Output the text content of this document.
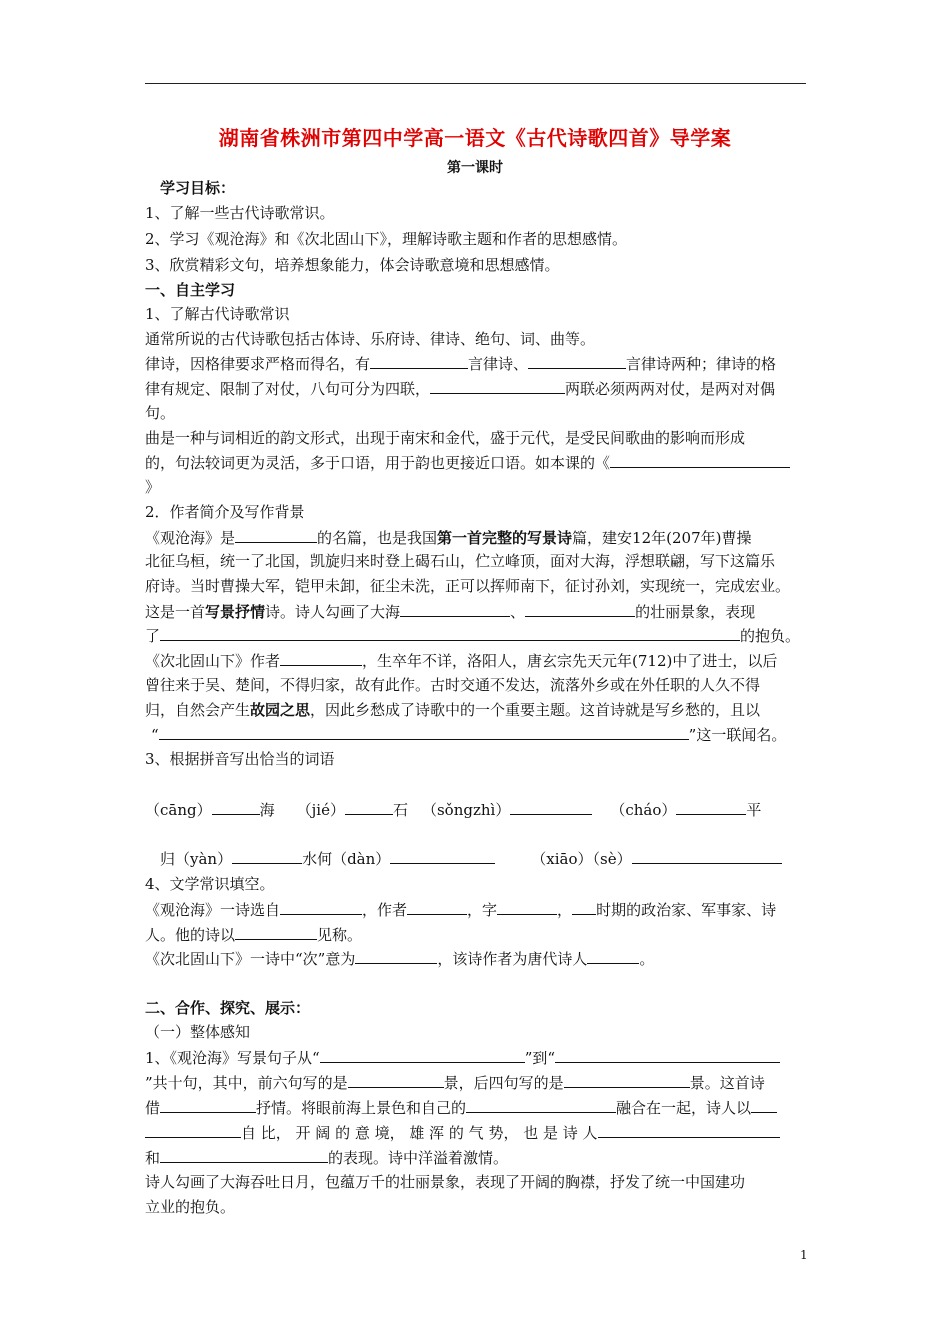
湖南省株洲市第四中学高一语文《古代诗歌四首》导学案
第一课时
学习目标：
1、了解一些古代诗歌常识。
2、学习《观沧海》和《次北固山下》，理解诗歌主题和作者的思想感情。
3、欣赏精彩文句，培养想象能力，体会诗歌意境和思想感情。
一、自主学习
1、了解古代诗歌常识
通常所说的古代诗歌包括古体诗、乐府诗、律诗、绝句、词、曲等。
律诗，因格律要求严格而得名，有	言律诗、	言律诗两种；律诗的格
律有规定、限制了对仗，八句可分为四联，	两联必须两两对仗，是两对对偶
句。
曲是一种与词相近的韵文形式，出现于南宋和金代，盛于元代，是受民间歌曲的影响而形成
的，句法较词更为灵活，多于口语，用于韵也更接近口语。如本课的《
》
2．作者简介及写作背景
《观沧海》是	的名篇，也是我国第一首完整的写景诗篇，建安12年(207年)曹操
北征乌桓，统一了北国，凯旋归来时登上碣石山，伫立峰顶，面对大海，浮想联翩，写下这篇乐
府诗。当时曹操大军，铠甲未卸，征尘未洗，正可以挥师南下，征讨孙刘，实现统一，完成宏业。
这是一首写景抒情诗。诗人勾画了大海	、	的壮丽景象，表现
了	的抱负。
《次北固山下》作者	，生卒年不详，洛阳人，唐玄宗先天元年(712)中了进士，以后
曾往来于吴、楚间，不得归家，故有此作。古时交通不发达，流落外乡或在外任职的人久不得
归，自然会产生故园之思，因此乡愁成了诗歌中的一个重要主题。这首诗就是写乡愁的，且以
“	”这一联闻名。
3、根据拼音写出恰当的词语
（cāng）	海 （jié）	石 （sǒngzhì）	（cháo）	平
归（yàn）	水何（dàn）	（xiāo）（sè）
4、文学常识填空。
《观沧海》一诗选自	，作者	，字	， 时期的政治家、军事家、诗
人。他的诗以	见称。
《次北固山下》一诗中“次”意为	，该诗作者为唐代诗人	。
二、合作、探究、展示：
（一）整体感知
1、《观沧海》写景句子从“	”到“
”共十句，其中，前六句写的是	景，后四句写的是	景。这首诗
借	抒情。将眼前海上景色和自己的	融合在一起，诗人以
自 比， 开 阔 的 意 境， 雄 浑 的 气 势， 也 是 诗 人
和	的表现。诗中洋溢着激情。
诗人勾画了大海吞吐日月，包蕴万千的壮丽景象，表现了开阔的胸襟，抒发了统一中国建功
立业的抱负。
1
